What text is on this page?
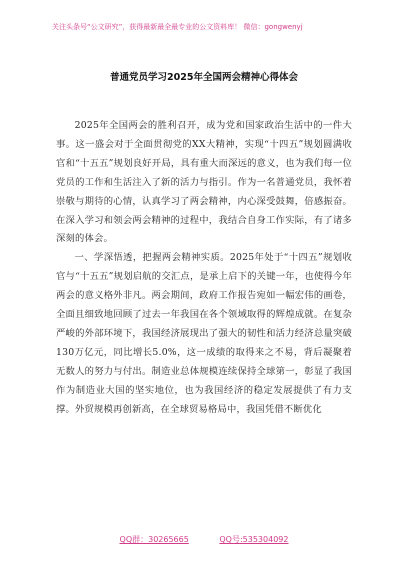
关注头条号“公文研究”，获得最新最全最专业的公文资料库！ 微信：gongwenyj
普通党员学习2025年全国两会精神心得体会

2025年全国两会的胜利召开，成为党和国家政治生活中的一件大事。这一盛会对于全面贯彻党的XX大精神，实现“十四五”规划圆满收官和“十五五”规划良好开局，具有重大而深远的意义，也为我们每一位党员的工作和生活注入了新的活力与指引。作为一名普通党员，我怀着崇敬与期待的心情，认真学习了两会精神，内心深受鼓舞，倍感振奋。在深入学习和领会两会精神的过程中，我结合自身工作实际，有了诸多深刻的体会。

一、学深悟透，把握两会精神实质。2025年处于“十四五”规划收官与“十五五”规划启航的交汇点，是承上启下的关键一年，也使得今年两会的意义格外非凡。两会期间，政府工作报告宛如一幅宏伟的画卷，全面且细致地回顾了过去一年我国在各个领域取得的辉煌成就。在复杂严峻的外部环境下，我国经济展现出了强大的韧性和活力经济总量突破130万亿元，同比增长5.0%，这一成绩的取得来之不易，背后凝聚着无数人的努力与付出。制造业总体规模连续保持全球第一，彰显了我国作为制造业大国的坚实地位，也为我国经济的稳定发展提供了有力支撑。外贸规模再创新高，在全球贸易格局中，我国凭借不断优化

QQ群：30265665	QQ号:535304092
